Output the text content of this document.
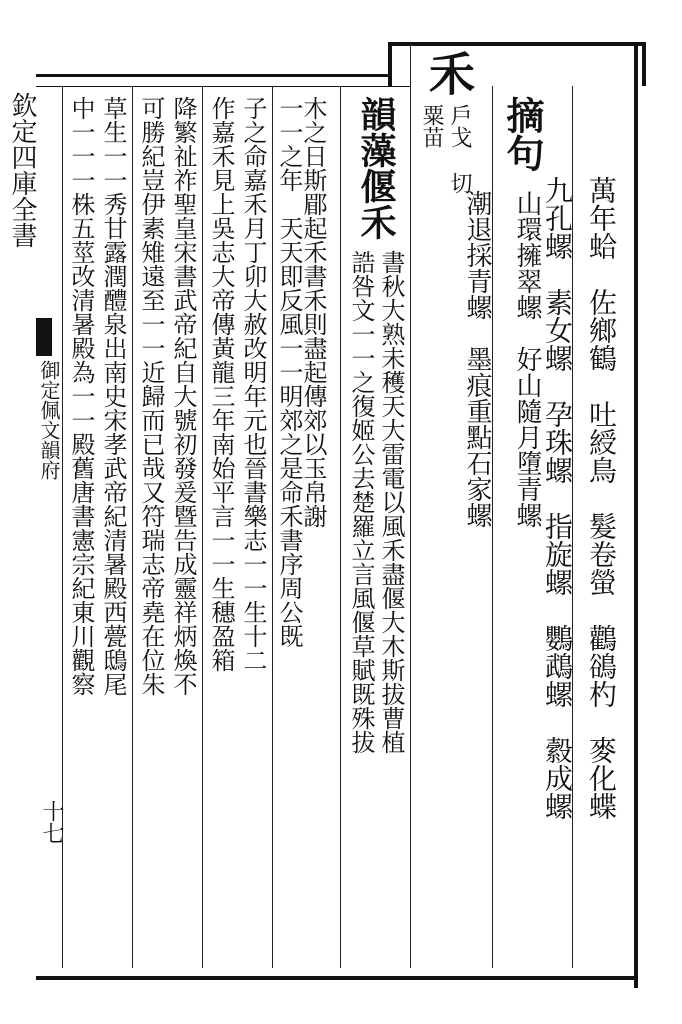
欽定四庫全書
御定佩文韻府
十七
禾
戶戈
切
粟苗
萬年蛤　佐鄉鶴　吐綬鳥　髮卷螢　鸛鵒杓　麥化蝶
九孔螺　素女螺　孕珠螺　指旋螺　鸚鵡螺　縠成螺
摘句
山環擁翠螺　好山隨月墮青螺
潮退採青螺　墨痕重點石家螺
韻藻偃禾
書秋大熟未穫天大雷電以風禾盡偃大木斯拔曹植
誥咎文一一之復姬公去楚羅立言風偃草賦既殊拔
木之日斯郿起禾書禾則盡起傳郊以玉帛謝
一一之年　天天即反風一一明郊之是命禾書序周公既
子之命嘉禾月丁卯大赦改明年元也晉書樂志一一生十二
作嘉禾見上吳志大帝傳黃龍三年南始平言一一生穗盈箱
降繁祉祚聖皇宋書武帝紀自大號初發爰暨告成靈祥炳煥不
可勝紀豈伊素雉遠至一一近歸而已哉又符瑞志帝堯在位朱
草生一一秀甘露潤醴泉出南史宋孝武帝紀清暑殿西甍鴟尾
中一一一株五莖改清暑殿為一一殿舊唐書憲宗紀東川觀察
